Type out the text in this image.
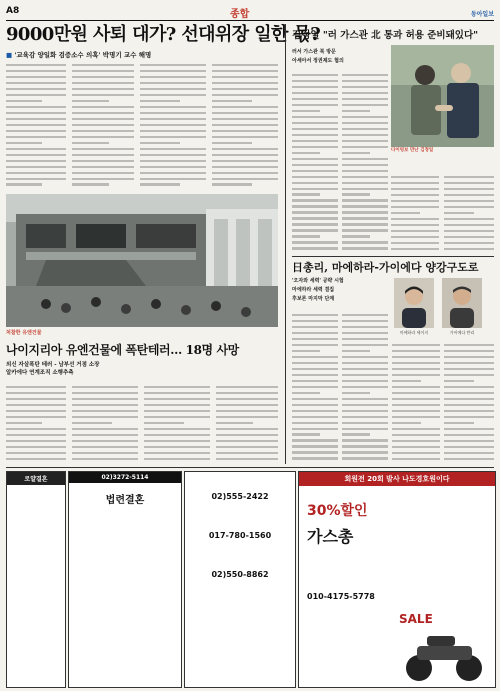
A8	종합	동아일보
9000만원 사퇴 대가? 선대위장 일한 몫?
■ '교육감 양일화 검증소수 의혹' 박명기 교수 해명
처참한 유엔건물
나이지리아 유엔건물에 폭탄테러… 18명 사망
외신 자살폭탄 테러 - 남부선 거점 소장
알카에다 연계조직 소행추측
김정일 "러 가스관 北 통과 허용 준비돼있다"
러서 가스관 북 방문
아세아서 정권제도 협의
다이빙보 만난 김정일
日총리, 마에하라-가이에다 양강구도로
'오자와 세력' 공략 시험
마에하라 세력 결집
후보론 마지막 단계
마에하라 세이지	가이에다 반리
로얄결혼	02)3272-5114
법련결혼	02)555-2422
017-780-1560
02)550-8862
회원전 20회 발사 나도경호원이다
30%할인
가스총
010-4175-5778
SALE
